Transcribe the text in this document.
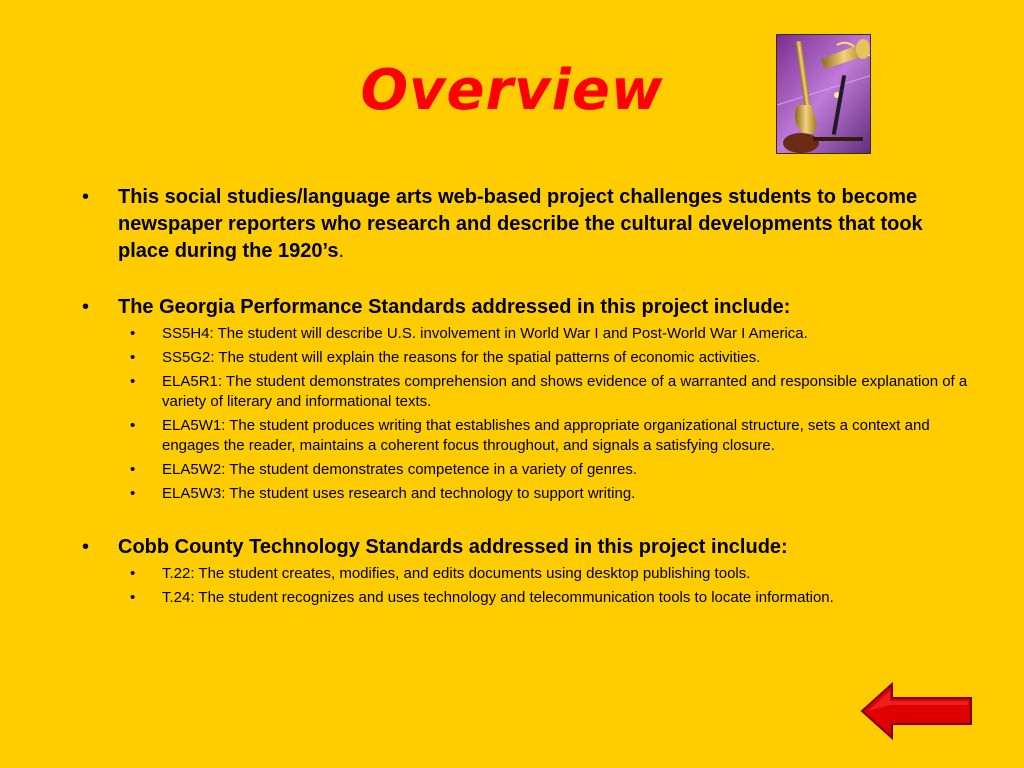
Overview
• This social studies/language arts web-based project challenges students to become newspaper reporters who research and describe the cultural developments that took place during the 1920’s.
• The Georgia Performance Standards addressed in this project include:
• SS5H4: The student will describe U.S. involvement in World War I and Post-World War I America.
• SS5G2: The student will explain the reasons for the spatial patterns of economic activities.
• ELA5R1: The student demonstrates comprehension and shows evidence of a warranted and responsible explanation of a variety of literary and informational texts.
• ELA5W1: The student produces writing that establishes and appropriate organizational structure, sets a context and engages the reader, maintains a coherent focus throughout, and signals a satisfying closure.
• ELA5W2: The student demonstrates competence in a variety of genres.
• ELA5W3: The student uses research and technology to support writing.
• Cobb County Technology Standards addressed in this project include:
• T.22: The student creates, modifies, and edits documents using desktop publishing tools.
• T.24: The student recognizes and uses technology and telecommunication tools to locate information.
